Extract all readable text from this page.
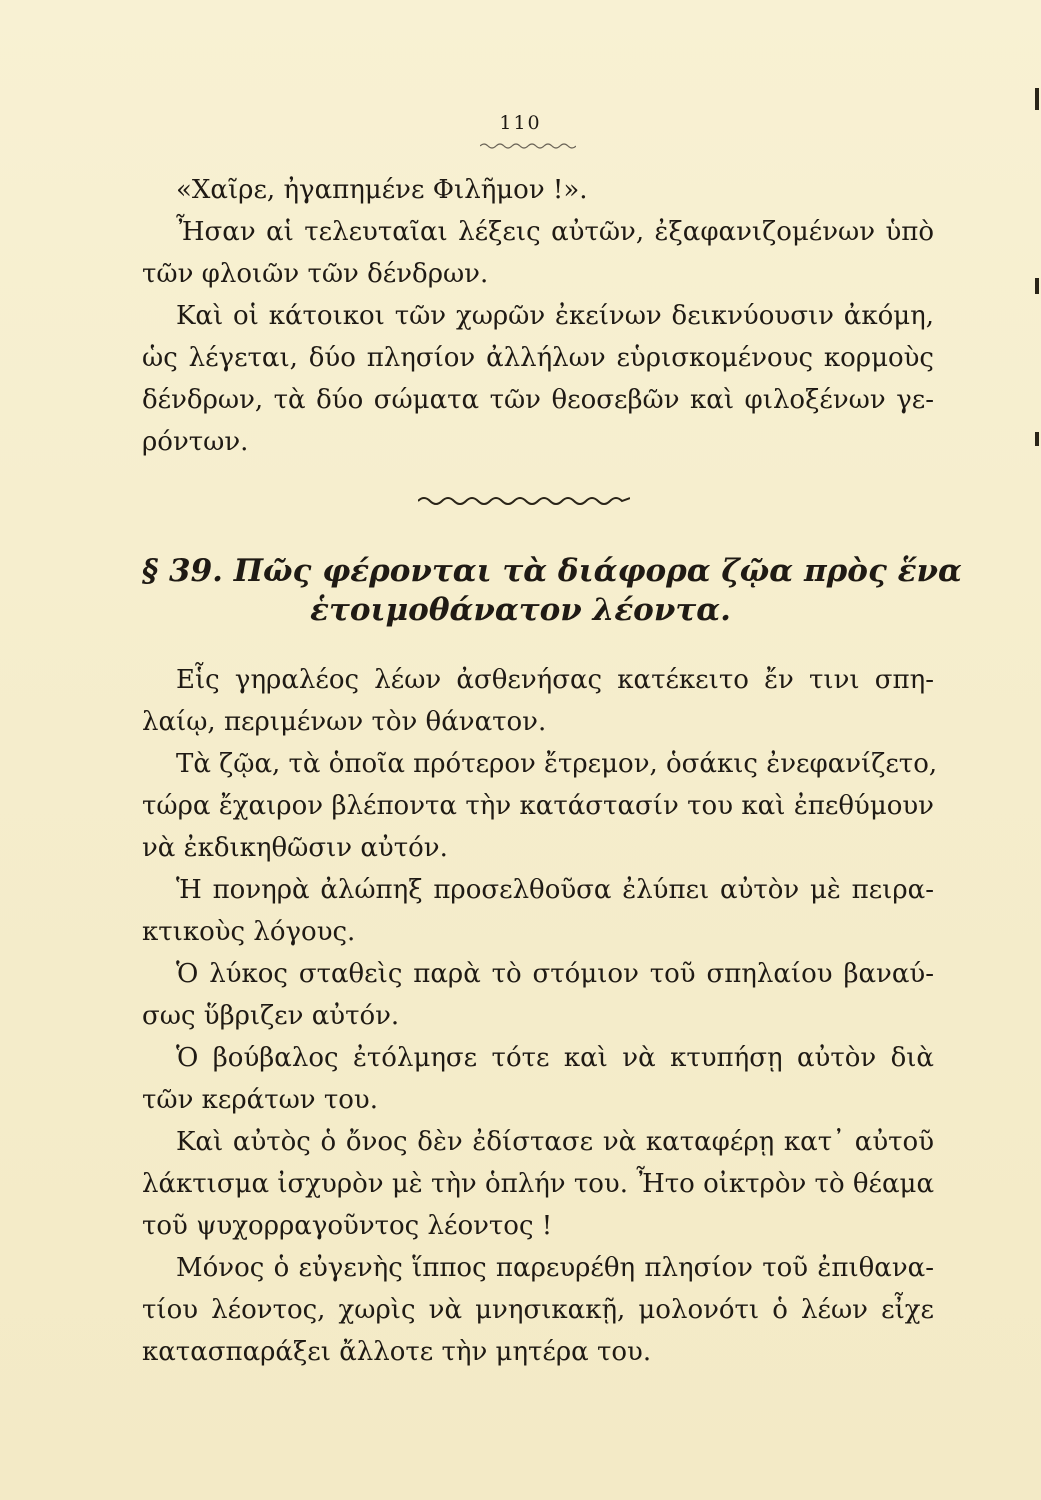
110
«Χαῖρε, ἠγαπημένε Φιλῆμον !».
Ἦσαν αἱ τελευταῖαι λέξεις αὐτῶν, ἐξαφανιζομένων ὑπὸ
τῶν φλοιῶν τῶν δένδρων.
Καὶ οἱ κάτοικοι τῶν χωρῶν ἐκείνων δεικνύουσιν ἀκόμη,
ὡς λέγεται, δύο πλησίον ἀλλήλων εὑρισκομένους κορμοὺς
δένδρων, τὰ δύο σώματα τῶν θεοσεβῶν καὶ φιλοξένων γε-
ρόντων.
§ 39. Πῶς φέρονται τὰ διάφορα ζῷα πρὸς ἕνα
ἑτοιμοθάνατον λέοντα.
Εἷς γηραλέος λέων ἀσθενήσας κατέκειτο ἔν τινι σπη-
λαίῳ, περιμένων τὸν θάνατον.
Τὰ ζῷα, τὰ ὁποῖα πρότερον ἔτρεμον, ὁσάκις ἐνεφανίζετο,
τώρα ἔχαιρον βλέποντα τὴν κατάστασίν του καὶ ἐπεθύμουν
νὰ ἐκδικηθῶσιν αὐτόν.
Ἡ πονηρὰ ἀλώπηξ προσελθοῦσα ἐλύπει αὐτὸν μὲ πειρα-
κτικοὺς λόγους.
Ὁ λύκος σταθεὶς παρὰ τὸ στόμιον τοῦ σπηλαίου βαναύ-
σως ὕβριζεν αὐτόν.
Ὁ βούβαλος ἐτόλμησε τότε καὶ νὰ κτυπήσῃ αὐτὸν διὰ
τῶν κεράτων του.
Καὶ αὐτὸς ὁ ὄνος δὲν ἐδίστασε νὰ καταφέρῃ κατ᾽ αὐτοῦ
λάκτισμα ἰσχυρὸν μὲ τὴν ὁπλήν του. Ἦτο οἰκτρὸν τὸ θέαμα
τοῦ ψυχορραγοῦντος λέοντος !
Μόνος ὁ εὐγενὴς ἵππος παρευρέθη πλησίον τοῦ ἐπιθανα-
τίου λέοντος, χωρὶς νὰ μνησικακῇ, μολονότι ὁ λέων εἶχε
κατασπαράξει ἄλλοτε τὴν μητέρα του.
